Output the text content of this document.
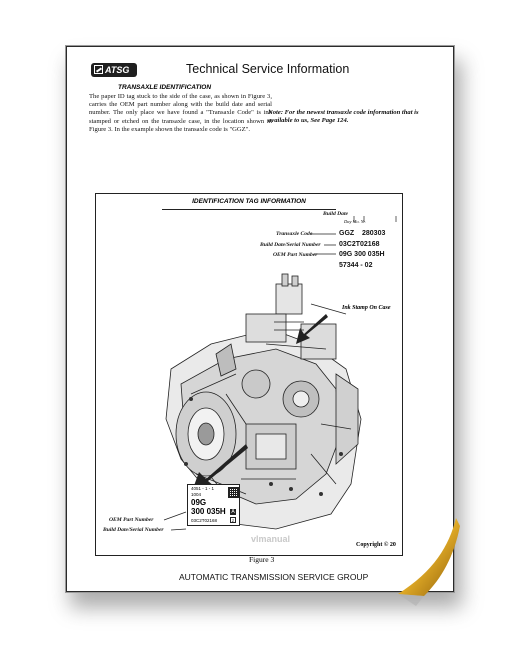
ATSG	Technical Service Information
TRANSAXLE IDENTIFICATION
The paper ID tag stuck to the side of the case, as shown in Figure 3, carries the OEM part number along with the build date and serial number. The only place we have found a "Transaxle Code" is ink stamped or etched on the transaxle case, in the location shown in Figure 3. In the example shown the transaxle code is "GGZ".
Note: For the newest transaxle code information that is available to us, See Page 124.
IDENTIFICATION TAG INFORMATION
Build Date
Day Mo. Yr.
Transaxle Code	GGZ 280303
Build Date/Serial Number	03C2T02168
OEM Part Number	09G 300 035H
57344 - 02
Ink Stamp On Case
4051 - 1 - 1
1004
09G
300 035H
03C2T02168
A
Z
OEM Part Number
Build Date/Serial Number
vlmanual
Copyright © 20
Figure 3
AUTOMATIC TRANSMISSION SERVICE GROUP
